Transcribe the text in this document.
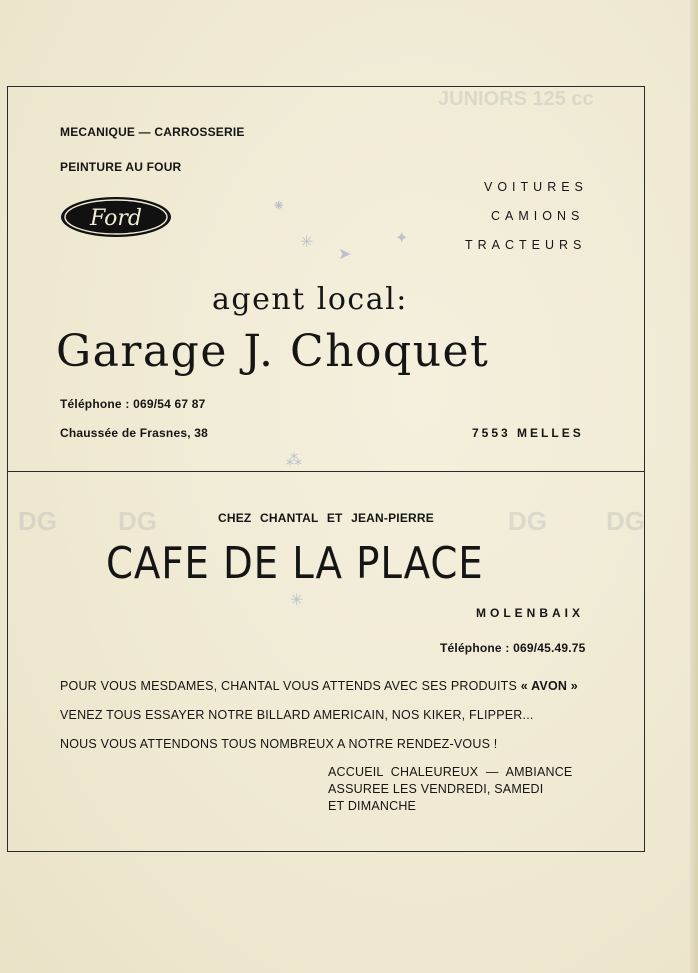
JUNIORS 125 cc
DG DG	DG DG
⁕
✳
➤
✦
⁂
✳
MECANIQUE — CARROSSERIE
PEINTURE AU FOUR
Ford
VOITURES
CAMIONS
TRACTEURS
agent local:
Garage J. Choquet
Téléphone : 069/54 67 87
Chaussée de Frasnes, 38	7553 MELLES
CHEZ CHANTAL ET JEAN-PIERRE
CAFE DE LA PLACE
MOLENBAIX
Téléphone : 069/45.49.75
POUR VOUS MESDAMES, CHANTAL VOUS ATTENDS AVEC SES PRODUITS « AVON »
VENEZ TOUS ESSAYER NOTRE BILLARD AMERICAIN, NOS KIKER, FLIPPER...
NOUS VOUS ATTENDONS TOUS NOMBREUX A NOTRE RENDEZ-VOUS !
ACCUEIL CHALEUREUX — AMBIANCE
ASSUREE LES VENDREDI, SAMEDI
ET DIMANCHE
